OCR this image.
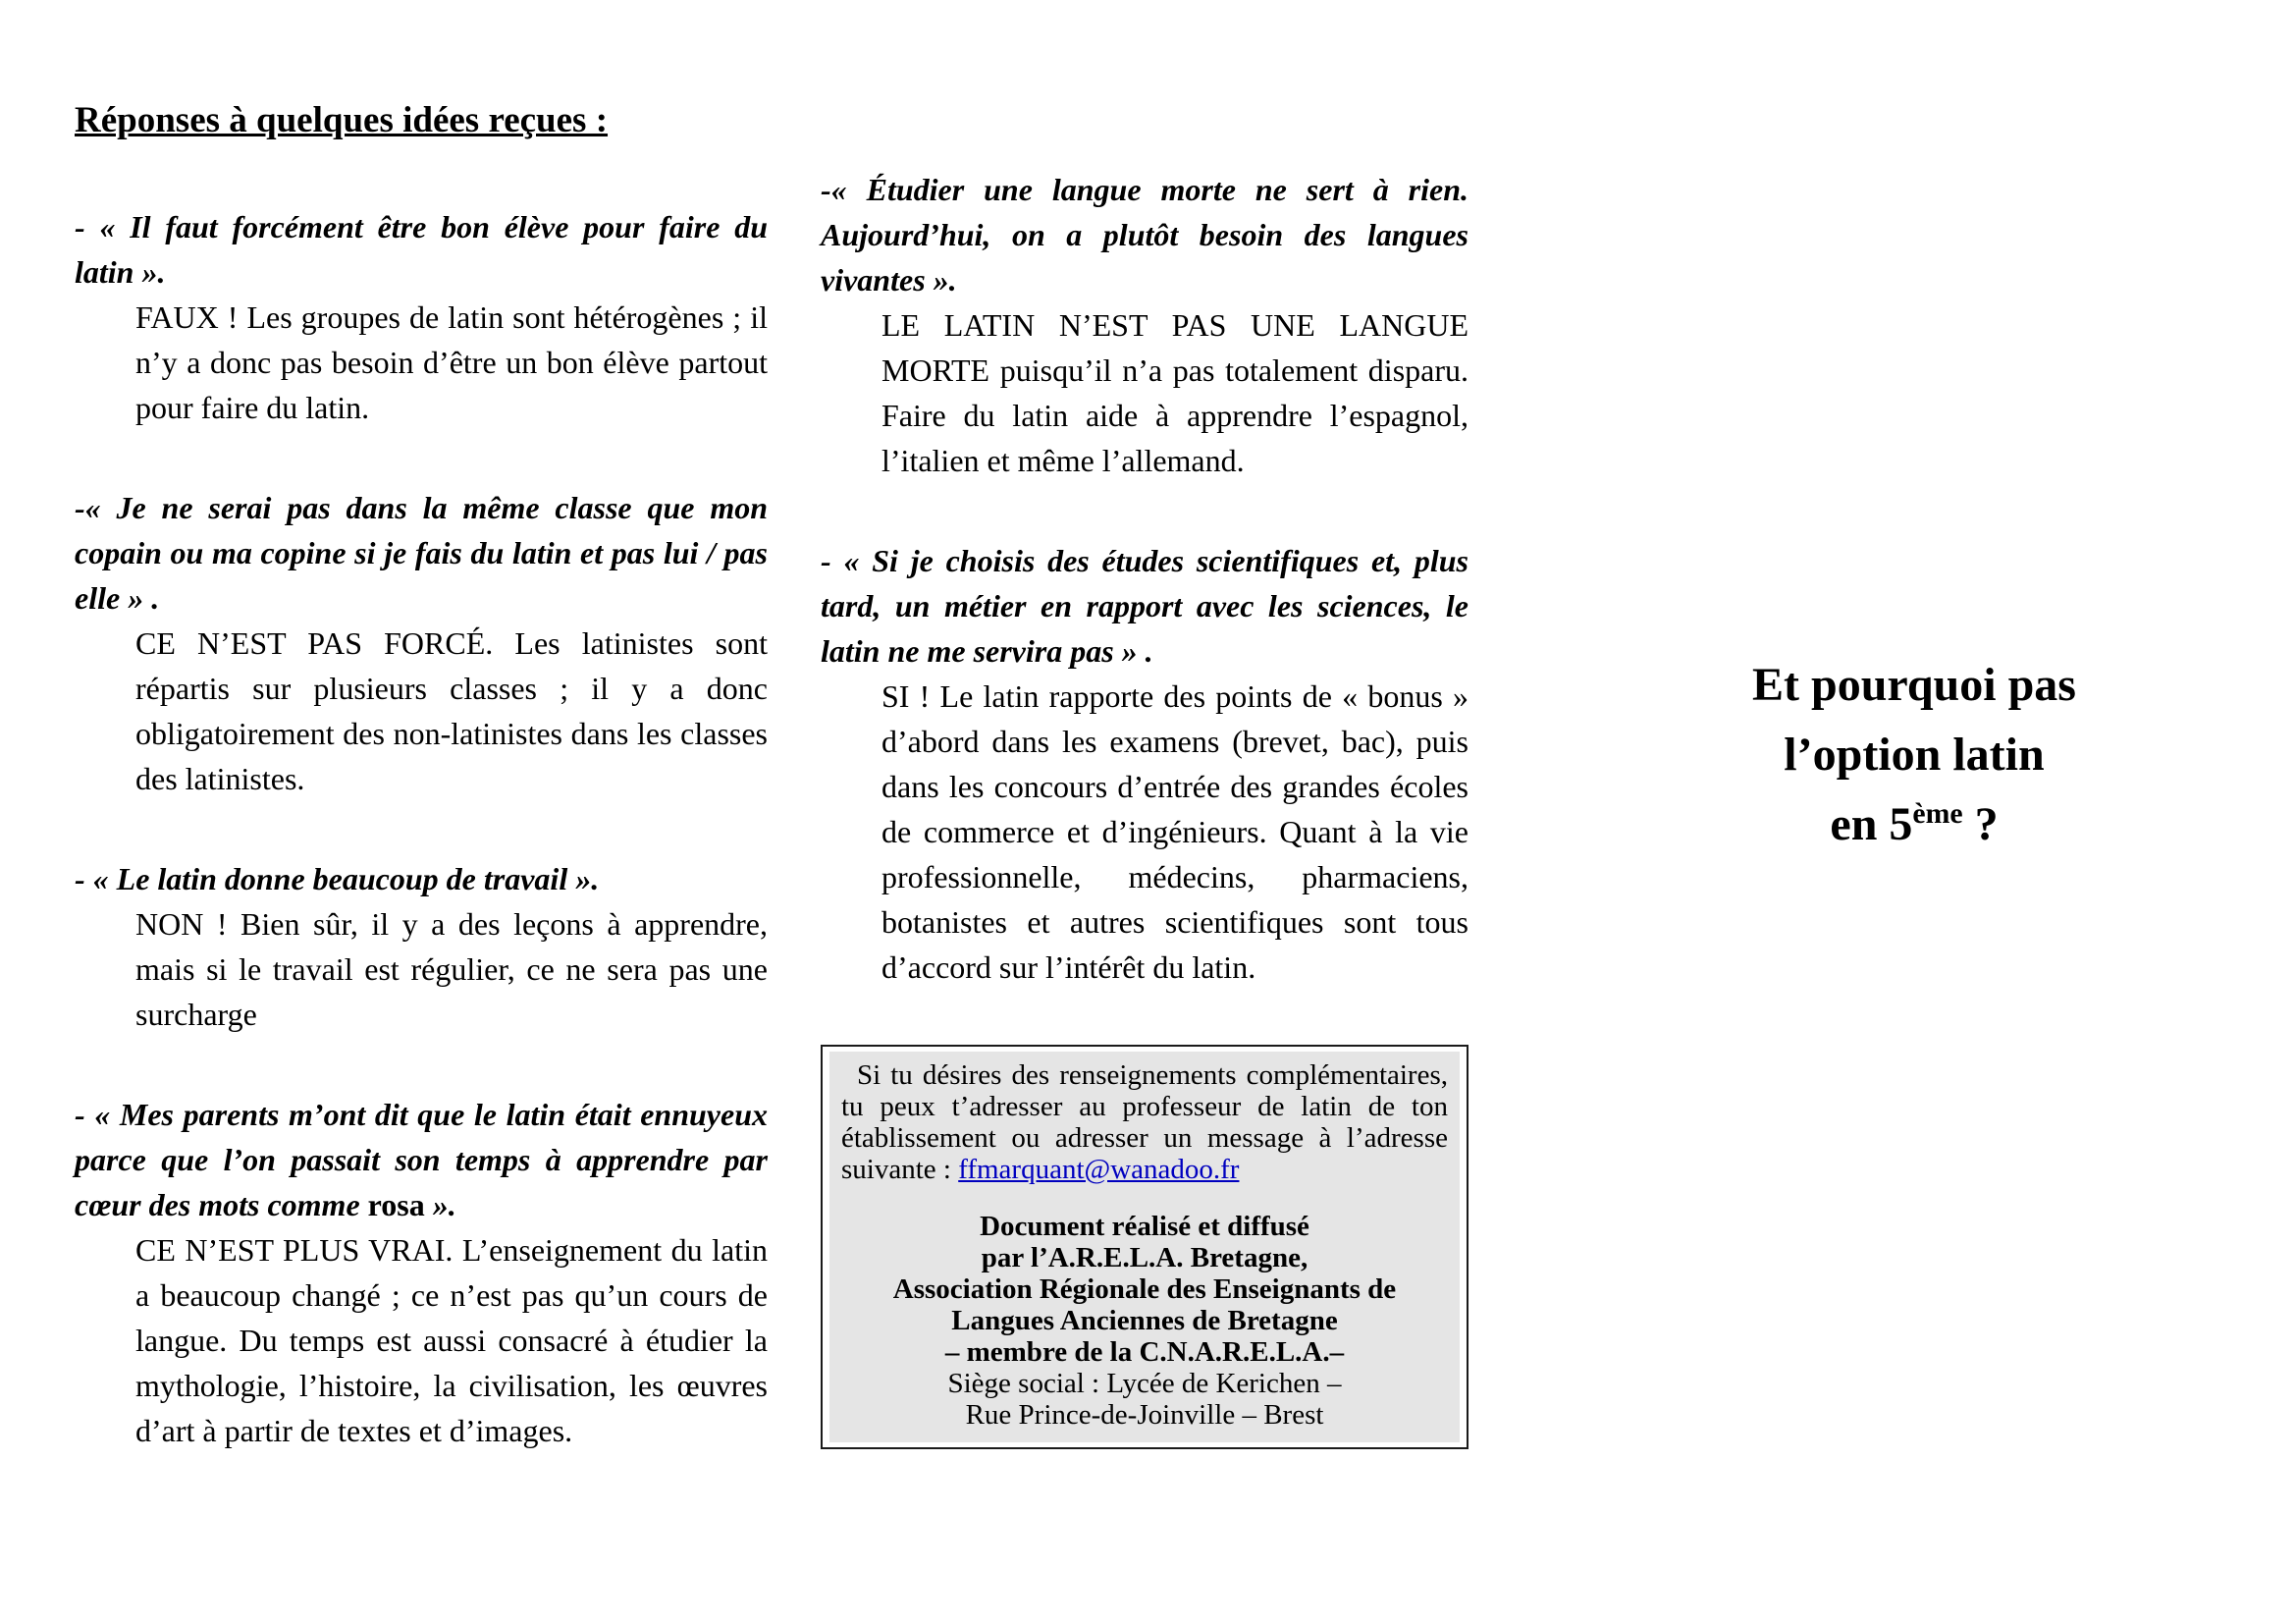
Réponses à quelques idées reçues :

- « Il faut forcément être bon élève pour faire du latin ».

FAUX ! Les groupes de latin sont hétérogènes ; il n’y a donc pas besoin d’être un bon élève partout pour faire du latin.

-« Je ne serai pas dans la même classe que mon copain ou ma copine si je fais du latin et pas lui / pas elle » .

CE N’EST PAS FORCÉ. Les latinistes sont répartis sur plusieurs classes ; il y a donc obligatoirement des non-latinistes dans les classes des latinistes.

- « Le latin donne beaucoup de travail ».

NON ! Bien sûr, il y a des leçons à apprendre, mais si le travail est régulier, ce ne sera pas une surcharge

- « Mes parents m’ont dit que le latin était ennuyeux parce que l’on passait son temps à apprendre par cœur des mots comme rosa ».

CE N’EST PLUS VRAI. L’enseignement du latin a beaucoup changé ; ce n’est pas qu’un cours de langue. Du temps est aussi consacré à étudier la mythologie, l’histoire, la civilisation, les œuvres d’art à partir de textes et d’images.

-« Étudier une langue morte ne sert à rien. Aujourd’hui, on a plutôt besoin des langues vivantes ».

LE LATIN N’EST PAS UNE LANGUE MORTE puisqu’il n’a pas totalement disparu. Faire du latin aide à apprendre l’espagnol, l’italien et même l’allemand.

- « Si je choisis des études scientifiques et, plus tard, un métier en rapport avec les sciences, le latin ne me servira pas » .

SI ! Le latin rapporte des points de « bonus » d’abord dans les examens (brevet, bac), puis dans les concours d’entrée des grandes écoles de commerce et d’ingénieurs. Quant à la vie professionnelle, médecins, pharmaciens, botanistes et autres scientifiques sont tous d’accord sur l’intérêt du latin.

Si tu désires des renseignements complémentaires, tu peux t’adresser au professeur de latin de ton établissement ou adresser un message à l’adresse suivante : ffmarquant@wanadoo.fr

Document réalisé et diffusé
par l’A.R.E.L.A. Bretagne,
Association Régionale des Enseignants de
Langues Anciennes de Bretagne
– membre de la C.N.A.R.E.L.A.–
Siège social : Lycée de Kerichen –
Rue Prince-de-Joinville – Brest
Et pourquoi pas
l’option latin
en 5ème ?
